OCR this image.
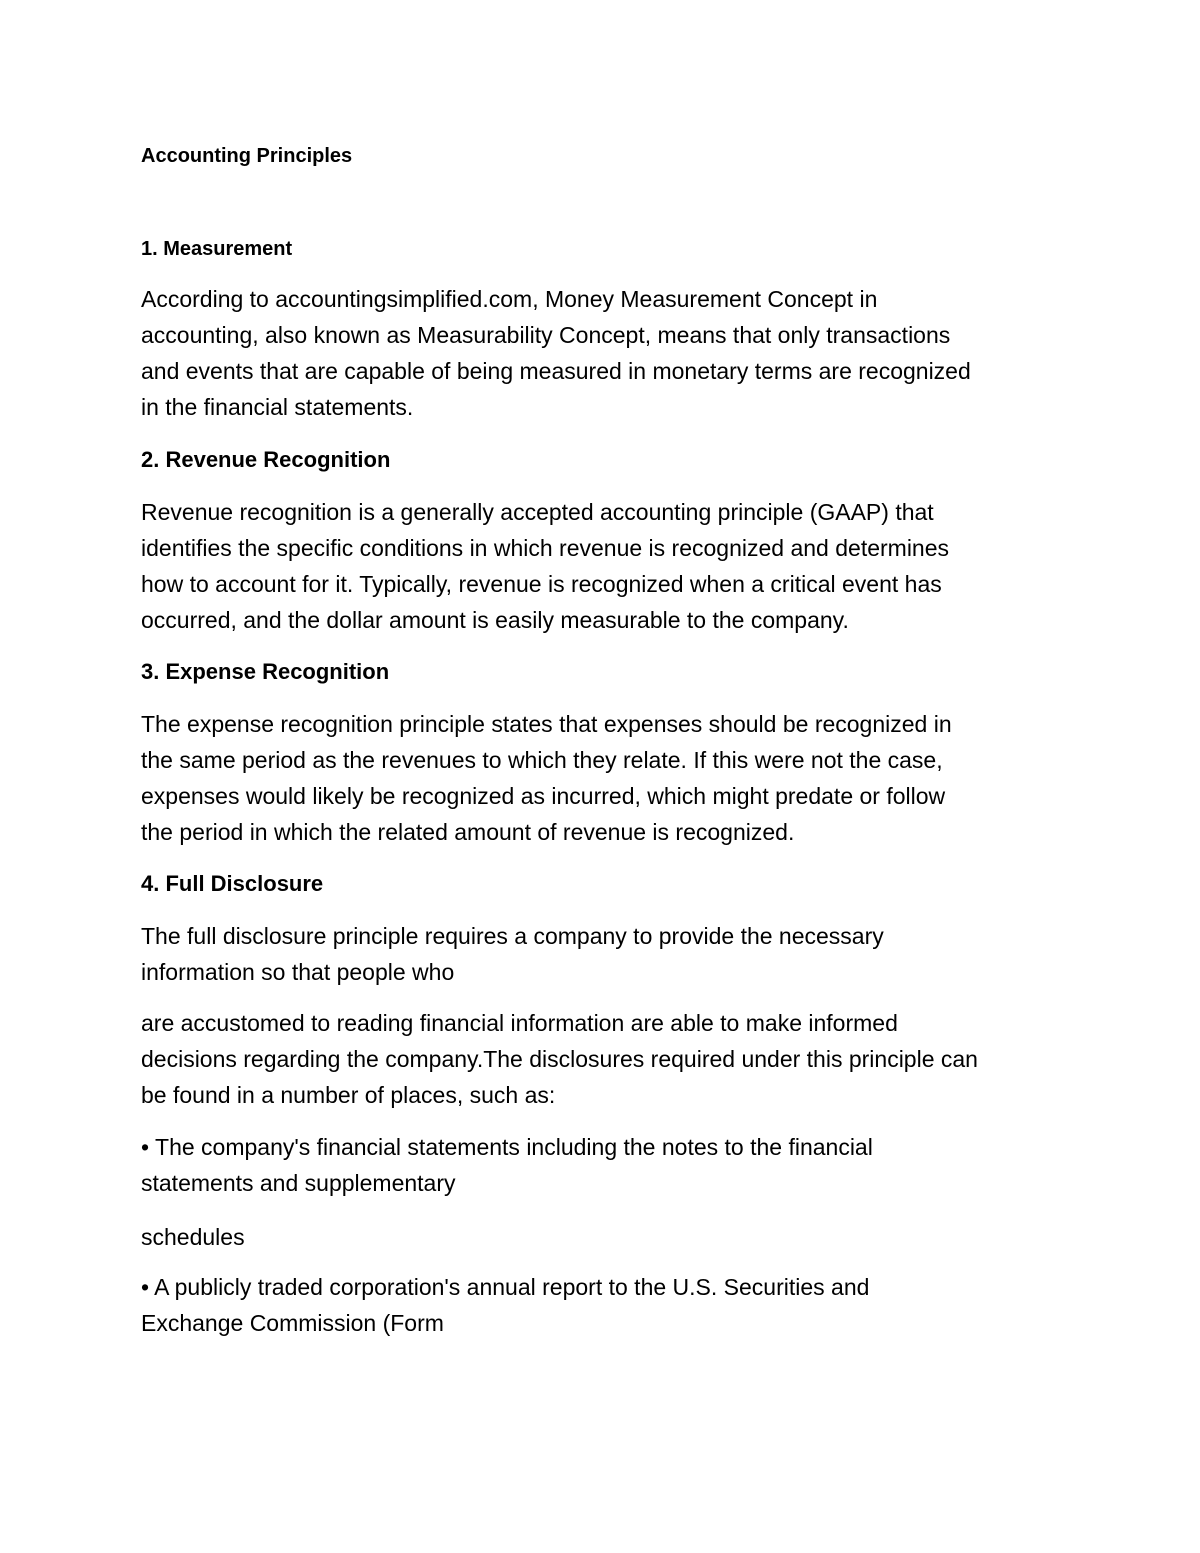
Accounting Principles
1. Measurement

According to accountingsimplified.com, Money Measurement Concept in
accounting, also known as Measurability Concept, means that only transactions
and events that are capable of being measured in monetary terms are recognized
in the financial statements.

2. Revenue Recognition

Revenue recognition is a generally accepted accounting principle (GAAP) that
identifies the specific conditions in which revenue is recognized and determines
how to account for it. Typically, revenue is recognized when a critical event has
occurred, and the dollar amount is easily measurable to the company.

3. Expense Recognition

The expense recognition principle states that expenses should be recognized in
the same period as the revenues to which they relate. If this were not the case,
expenses would likely be recognized as incurred, which might predate or follow
the period in which the related amount of revenue is recognized.

4. Full Disclosure

The full disclosure principle requires a company to provide the necessary
information so that people who

are accustomed to reading financial information are able to make informed
decisions regarding the company.The disclosures required under this principle can
be found in a number of places, such as:

• The company's financial statements including the notes to the financial
statements and supplementary

schedules

• A publicly traded corporation's annual report to the U.S. Securities and
Exchange Commission (Form
